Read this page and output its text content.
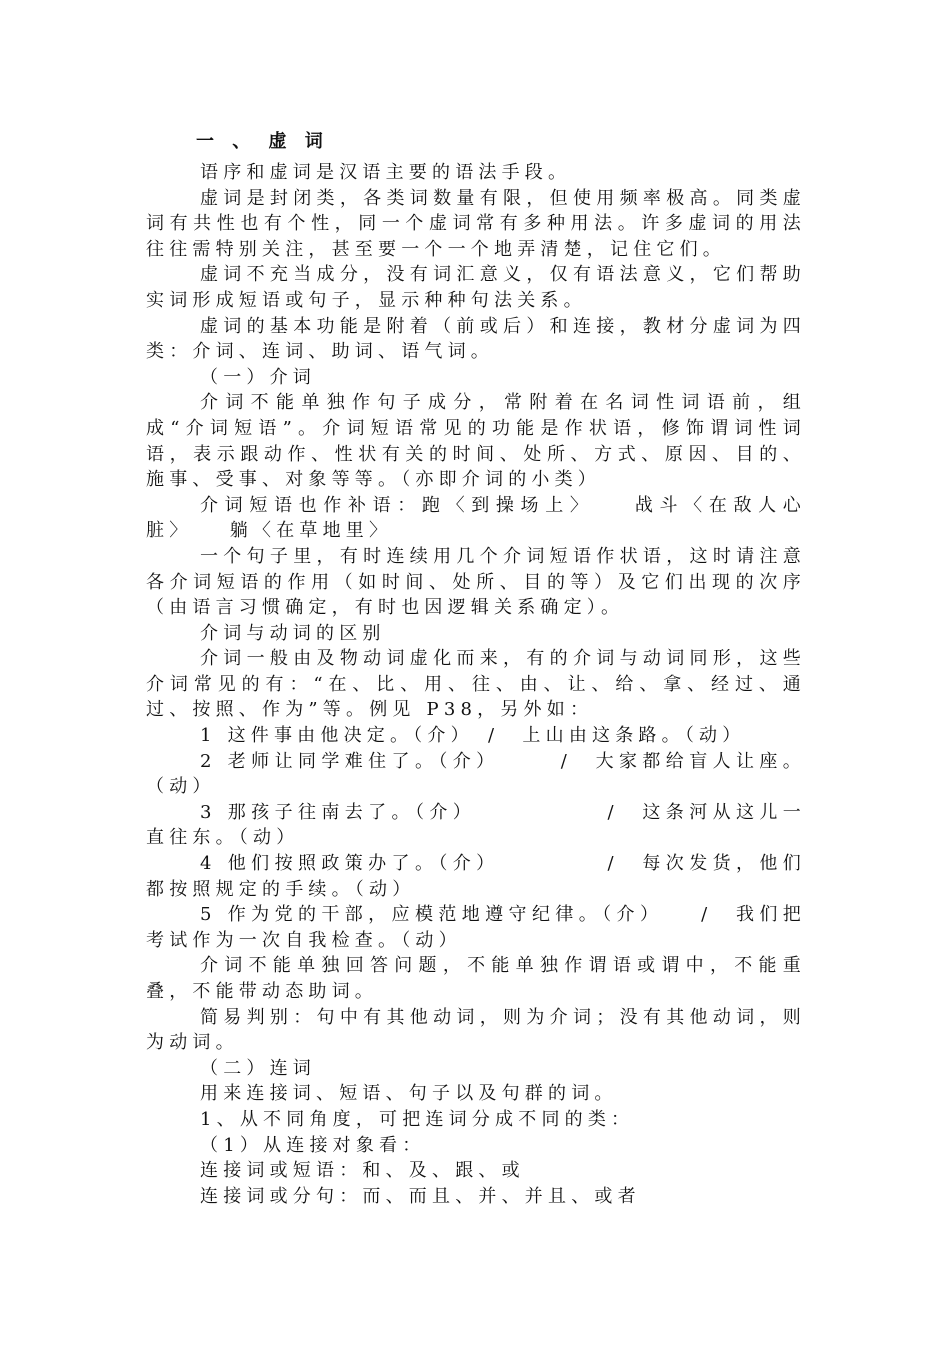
一 、 虚 词
语序和虚词是汉语主要的语法手段。
虚词是封闭类，各类词数量有限，但使用频率极高。同类虚词有共性也有个性，同一个虚词常有多种用法。许多虚词的用法往往需特别关注，甚至要一个一个地弄清楚，记住它们。
虚词不充当成分，没有词汇意义，仅有语法意义，它们帮助实词形成短语或句子，显示种种句法关系。
虚词的基本功能是附着（前或后）和连接，教材分虚词为四类：介词、连词、助词、语气词。
（一）介词
介词不能单独作句子成分，常附着在名词性词语前，组成“介词短语”。介词短语常见的功能是作状语，修饰谓词性词语，表示跟动作、性状有关的时间、处所、方式、原因、目的、施事、受事、对象等等。（亦即介词的小类）
介词短语也作补语：跑〈到操场上〉　　战斗〈在敌人心脏〉　　躺〈在草地里〉
一个句子里，有时连续用几个介词短语作状语，这时请注意各介词短语的作用（如时间、处所、目的等）及它们出现的次序（由语言习惯确定，有时也因逻辑关系确定）。
介词与动词的区别
介词一般由及物动词虚化而来，有的介词与动词同形，这些介词常见的有：“在、比、用、往、由、让、给、拿、经过、通过、按照、作为”等。例见 P38，另外如：
1 这件事由他决定。（介）　/　上山由这条路。（动）
2 老师让同学难住了。（介）　　　/　大家都给盲人让座。（动）
3 那孩子往南去了。（介）　　　　　　/　这条河从这儿一直往东。（动）
4 他们按照政策办了。（介）　　　　　/　每次发货，他们都按照规定的手续。（动）
5 作为党的干部，应模范地遵守纪律。（介）　　/　我们把考试作为一次自我检查。（动）
介词不能单独回答问题，不能单独作谓语或谓中，不能重叠，不能带动态助词。
简易判别：句中有其他动词，则为介词；没有其他动词，则为动词。
（二）连词
用来连接词、短语、句子以及句群的词。
1、从不同角度，可把连词分成不同的类：
（1）从连接对象看：
连接词或短语：和、及、跟、或
连接词或分句：而、而且、并、并且、或者
